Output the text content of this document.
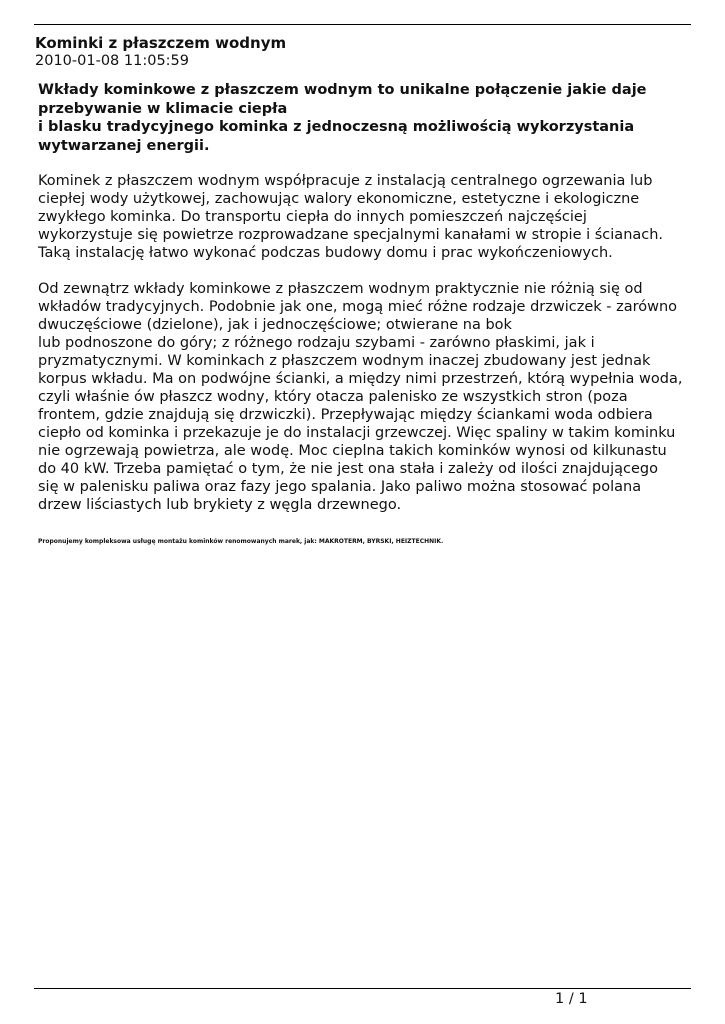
Kominki z płaszczem wodnym
2010-01-08 11:05:59

Wkłady kominkowe z płaszczem wodnym to unikalne połączenie jakie daje
przebywanie w klimacie ciepła
i blasku tradycyjnego kominka z jednoczesną możliwością wykorzystania
wytwarzanej energii.

Kominek z płaszczem wodnym współpracuje z instalacją centralnego ogrzewania lub
ciepłej wody użytkowej, zachowując walory ekonomiczne, estetyczne i ekologiczne
zwykłego kominka. Do transportu ciepła do innych pomieszczeń najczęściej
wykorzystuje się powietrze rozprowadzane specjalnymi kanałami w stropie i ścianach.
Taką instalację łatwo wykonać podczas budowy domu i prac wykończeniowych.

Od zewnątrz wkłady kominkowe z płaszczem wodnym praktycznie nie różnią się od
wkładów tradycyjnych. Podobnie jak one, mogą mieć różne rodzaje drzwiczek - zarówno
dwuczęściowe (dzielone), jak i jednoczęściowe; otwierane na bok
lub podnoszone do góry; z różnego rodzaju szybami - zarówno płaskimi, jak i
pryzmatycznymi. W kominkach z płaszczem wodnym inaczej zbudowany jest jednak
korpus wkładu. Ma on podwójne ścianki, a między nimi przestrzeń, którą wypełnia woda,
czyli właśnie ów płaszcz wodny, który otacza palenisko ze wszystkich stron (poza
frontem, gdzie znajdują się drzwiczki). Przepływając między ściankami woda odbiera
ciepło od kominka i przekazuje je do instalacji grzewczej. Więc spaliny w takim kominku
nie ogrzewają powietrza, ale wodę. Moc cieplna takich kominków wynosi od kilkunastu
do 40 kW. Trzeba pamiętać o tym, że nie jest ona stała i zależy od ilości znajdującego
się w palenisku paliwa oraz fazy jego spalania. Jako paliwo można stosować polana
drzew liściastych lub brykiety z węgla drzewnego.

Proponujemy kompleksowa usługę montażu kominków renomowanych marek, jak: MAKROTERM, BYRSKI, HEIZTECHNIK.
1 / 1
